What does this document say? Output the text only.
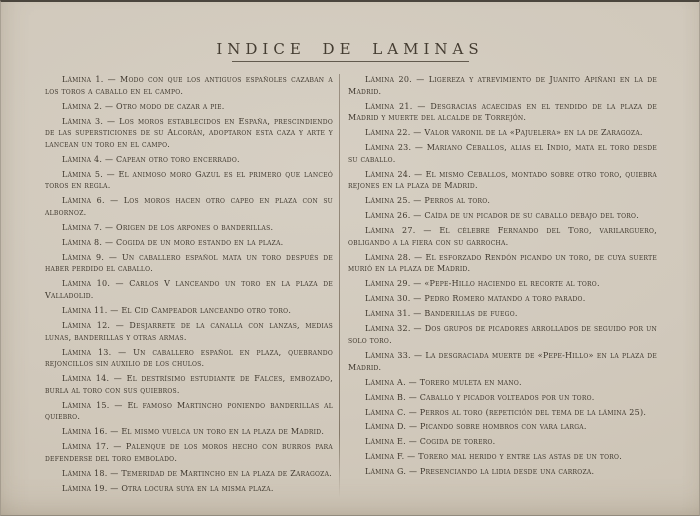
INDICE DE LAMINAS

Lámina 1. — Modo con que los antiguos españoles cazaban a los toros a caballo en el campo.

Lámina 2. — Otro modo de cazar a pie.

Lámina 3. — Los moros establecidos en España, prescindiendo de las supersticiones de su Alcorán, adoptaron esta caza y arte y lancean un toro en el campo.

Lámina 4. — Capean otro toro encerrado.

Lámina 5. — El animoso moro Gazul es el primero que lanceó toros en regla.

Lámina 6. — Los moros hacen otro capeo en plaza con su albornoz.

Lámina 7. — Origen de los arpones o banderillas.

Lámina 8. — Cogida de un moro estando en la plaza.

Lámina 9. — Un caballero español mata un toro después de haber perdido el caballo.

Lámina 10. — Carlos V lanceando un toro en la plaza de Valladolid.

Lámina 11. — El Cid Campeador lanceando otro toro.

Lámina 12. — Desjarrete de la canalla con lanzas, medias lunas, banderillas y otras armas.

Lámina 13. — Un caballero español en plaza, quebrando rejoncillos sin auxilio de los chulos.

Lámina 14. — El destrísimo estudiante de Falces, embozado, burla al toro con sus quiebros.

Lámina 15. — El famoso Martincho poniendo banderillas al quiebro.

Lámina 16. — El mismo vuelca un toro en la plaza de Madrid.

Lámina 17. — Palenque de los moros hecho con burros para defenderse del toro embolado.

Lámina 18. — Temeridad de Martincho en la plaza de Zaragoza.

Lámina 19. — Otra locura suya en la misma plaza.

Lámina 20. — Ligereza y atrevimiento de Juanito Apiñani en la de Madrid.

Lámina 21. — Desgracias acaecidas en el tendido de la plaza de Madrid y muerte del alcalde de Torrejón.

Lámina 22. — Valor varonil de la «Pajuelera» en la de Zaragoza.

Lámina 23. — Mariano Ceballos, alias el Indio, mata el toro desde su caballo.

Lámina 24. — El mismo Ceballos, montado sobre otro toro, quiebra rejones en la plaza de Madrid.

Lámina 25. — Perros al toro.

Lámina 26. — Caída de un picador de su caballo debajo del toro.

Lámina 27. — El célebre Fernando del Toro, varilarguero, obligando a la fiera con su garrocha.

Lámina 28. — El esforzado Rendón picando un toro, de cuya suerte murió en la plaza de Madrid.

Lámina 29. — «Pepe-Hillo haciendo el recorte al toro.

Lámina 30. — Pedro Romero matando a toro parado.

Lámina 31. — Banderillas de fuego.

Lámina 32. — Dos grupos de picadores arrollados de seguido por un solo toro.

Lámina 33. — La desgraciada muerte de «Pepe-Hillo» en la plaza de Madrid.

Lámina A. — Torero muleta en mano.

Lámina B. — Caballo y picador volteados por un toro.

Lámina C. — Perros al toro (repetición del tema de la lámina 25).

Lámina D. — Picando sobre hombros con vara larga.

Lámina E. — Cogida de torero.

Lámina F. — Torero mal herido y entre las astas de un toro.

Lámina G. — Presenciando la lidia desde una carroza.
